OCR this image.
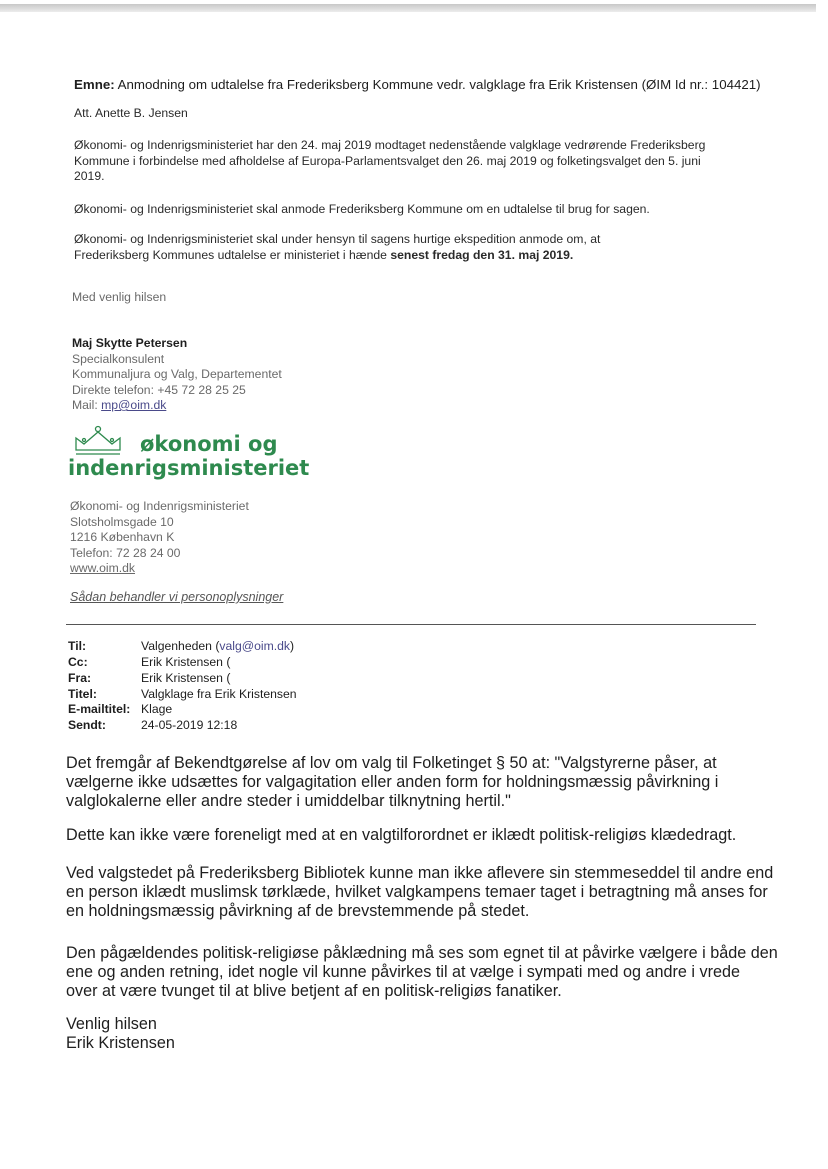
Emne: Anmodning om udtalelse fra Frederiksberg Kommune vedr. valgklage fra Erik Kristensen (ØIM Id nr.: 104421)
Att. Anette B. Jensen
Økonomi- og Indenrigsministeriet har den 24. maj 2019 modtaget nedenstående valgklage vedrørende Frederiksberg
Kommune i forbindelse med afholdelse af Europa-Parlamentsvalget den 26. maj 2019 og folketingsvalget den 5. juni
2019.
Økonomi- og Indenrigsministeriet skal anmode Frederiksberg Kommune om en udtalelse til brug for sagen.
Økonomi- og Indenrigsministeriet skal under hensyn til sagens hurtige ekspedition anmode om, at
Frederiksberg Kommunes udtalelse er ministeriet i hænde senest fredag den 31. maj 2019.
Med venlig hilsen
Maj Skytte Petersen
Specialkonsulent
Kommunaljura og Valg, Departementet
Direkte telefon: +45 72 28 25 25
Mail: mp@oim.dk
økonomi og
indenrigsministeriet
Økonomi- og Indenrigsministeriet
Slotsholmsgade 10
1216 København K
Telefon: 72 28 24 00
www.oim.dk
Sådan behandler vi personoplysninger
Til:	Valgenheden (valg@oim.dk)
Cc:	Erik Kristensen (
Fra:	Erik Kristensen (
Titel:	Valgklage fra Erik Kristensen
E-mailtitel: Klage
Sendt:	24-05-2019 12:18
Det fremgår af Bekendtgørelse af lov om valg til Folketinget § 50 at: "Valgstyrerne påser, at
vælgerne ikke udsættes for valgagitation eller anden form for holdningsmæssig påvirkning i
valglokalerne eller andre steder i umiddelbar tilknytning hertil."
Dette kan ikke være foreneligt med at en valgtilforordnet er iklædt politisk-religiøs klædedragt.
Ved valgstedet på Frederiksberg Bibliotek kunne man ikke aflevere sin stemmeseddel til andre end
en person iklædt muslimsk tørklæde, hvilket valgkampens temaer taget i betragtning må anses for
en holdningsmæssig påvirkning af de brevstemmende på stedet.
Den pågældendes politisk-religiøse påklædning må ses som egnet til at påvirke vælgere i både den
ene og anden retning, idet nogle vil kunne påvirkes til at vælge i sympati med og andre i vrede
over at være tvunget til at blive betjent af en politisk-religiøs fanatiker.
Venlig hilsen
Erik Kristensen
